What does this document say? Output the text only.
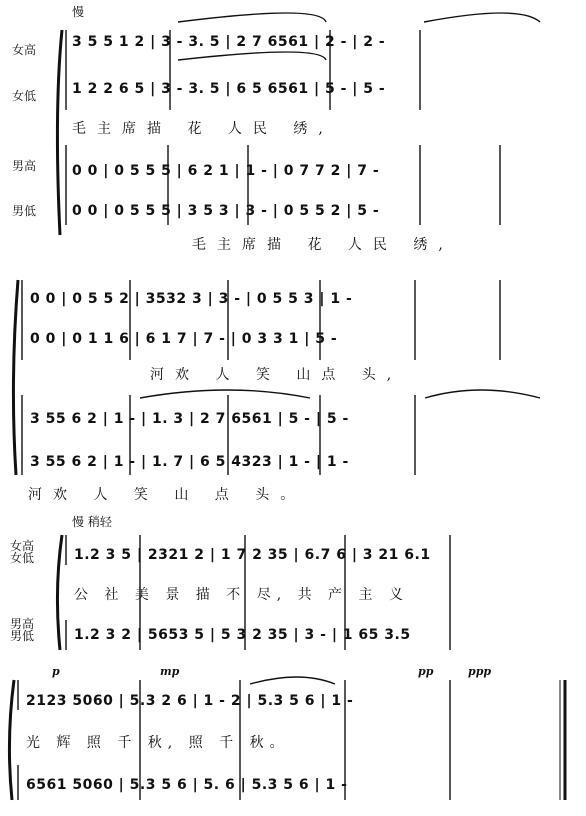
慢
慢 稍轻
女高
女低
男高
男低
3 5 5 1 2 | 3 - 3. 5 | 2 7 6561 | 2 - | 2 -
1 2 2 6 5 | 3 - 3. 5 | 6 5 6561 | 5 - | 5 -
毛主席描 花 人民 绣,
0 0 | 0 5 5 5 | 6 2 1 | 1 - | 0 7 7 2 | 7 -
0 0 | 0 5 5 5 | 3 5 3 | 3 - | 0 5 5 2 | 5 -
毛主席描 花 人民 绣,
0 0 | 0 5 5 2 | 3532 3 | 3 - | 0 5 5 3 | 1 -
0 0 | 0 1 1 6 | 6 1 7 | 7 - | 0 3 3 1 | 5 -
河欢 人 笑 山点 头,
3 55 6 2 | 1 - | 1. 3 | 2 7 6561 | 5 - | 5 -
3 55 6 2 | 1 - | 1. 7 | 6 5 4323 | 1 - | 1 -
河欢 人 笑 山 点 头。
女高
女低
男高
男低
1.2 3 5 | 2321 2 | 1 7 2 35 | 6.7 6 | 3 21 6.1
公 社 美 景 描 不 尽, 共 产 主 义
1.2 3 2 | 5653 5 | 5 3 2 35 | 3 - | 1 65 3.5
p	mp	pp	ppp
2123 5060 | 5.3 2 6 | 1 - 2 | 5.3 5 6 | 1 -
光 辉 照 千 秋, 照 千 秋。
6561 5060 | 5.3 5 6 | 5. 6 | 5.3 5 6 | 1 -
